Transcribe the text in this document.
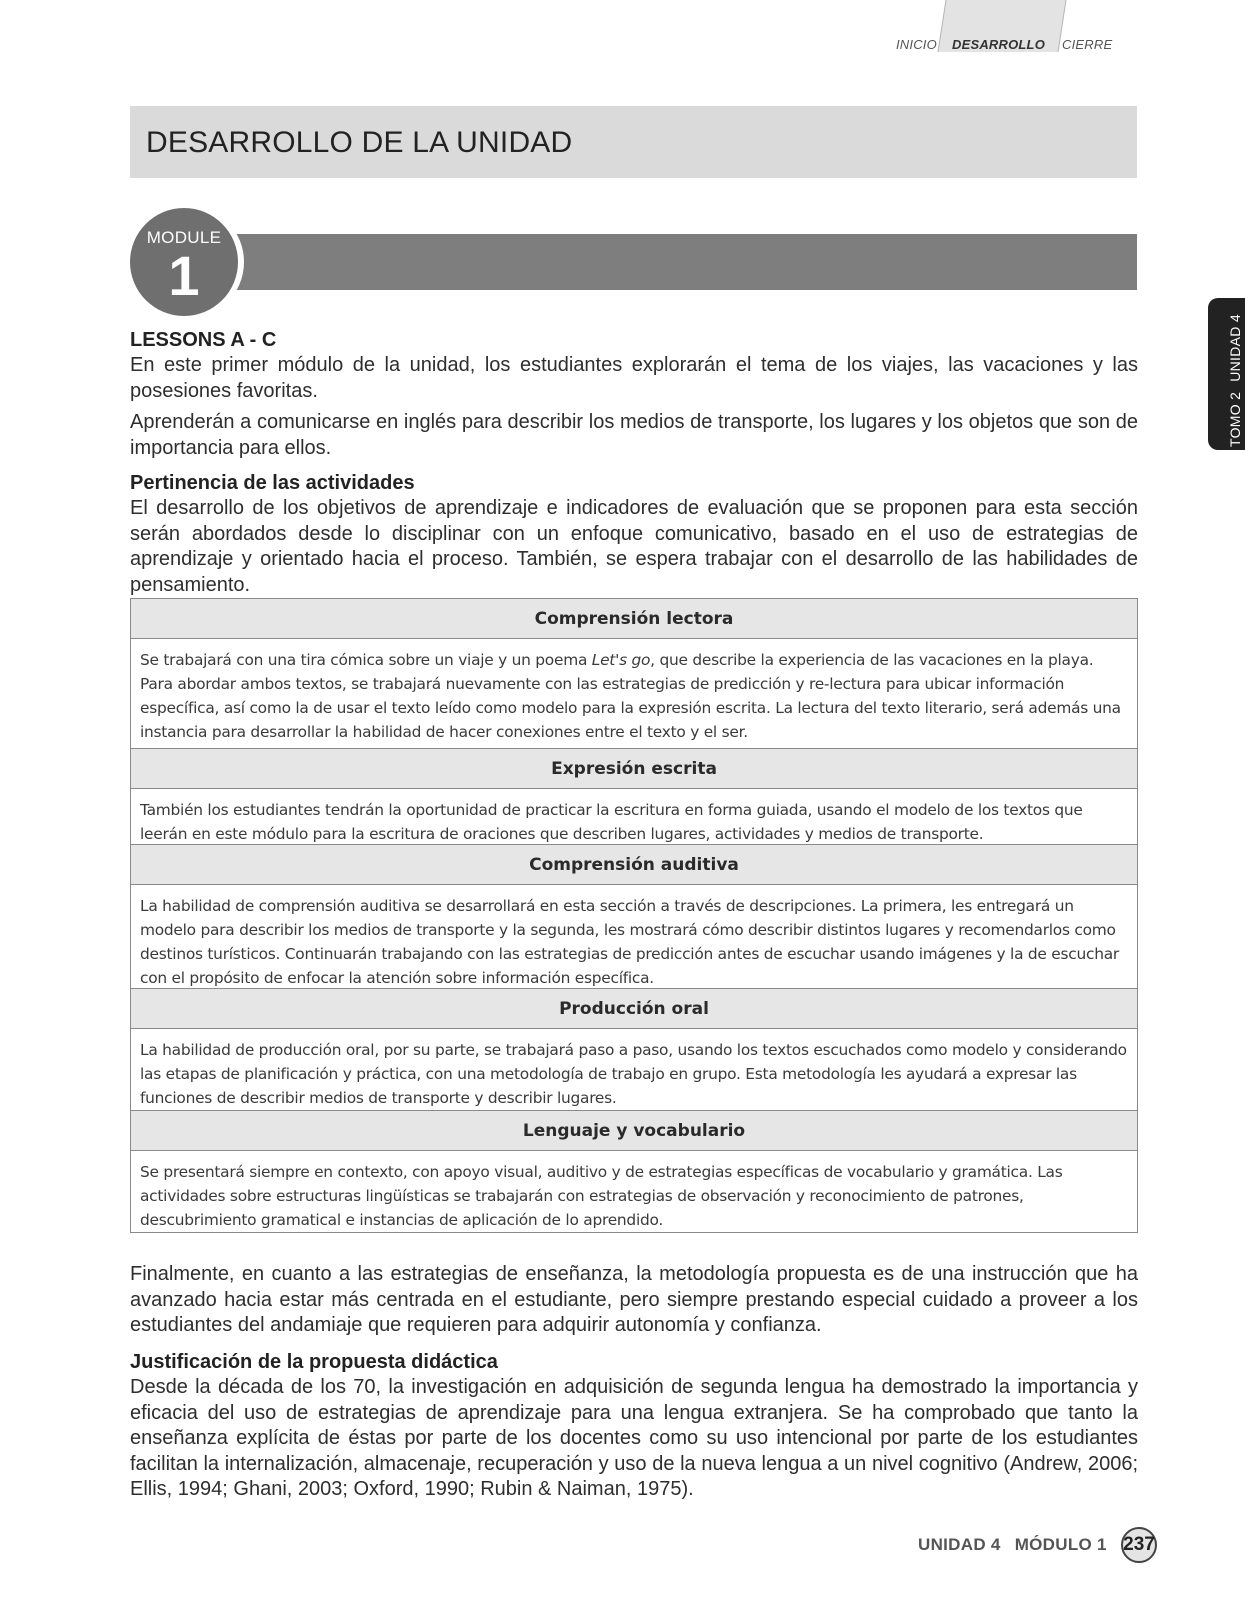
INICIO DESARROLLO CIERRE
TOMO 2UNIDAD 4
DESARROLLO DE LA UNIDAD
MODULE
1
LESSONS A - C

En este primer módulo de la unidad, los estudiantes explorarán el tema de los viajes, las vacaciones y las posesiones favoritas.

Aprenderán a comunicarse en inglés para describir los medios de transporte, los lugares y los objetos que son de importancia para ellos.

Pertinencia de las actividades

El desarrollo de los objetivos de aprendizaje e indicadores de evaluación que se proponen para esta sección serán abordados desde lo disciplinar con un enfoque comunicativo, basado en el uso de estrategias de aprendizaje y orientado hacia el proceso. También, se espera trabajar con el desarrollo de las habilidades de pensamiento.

Comprensión lectora
Se trabajará con una tira cómica sobre un viaje y un poema Let's go, que describe la experiencia de las vacaciones en la playa. Para abordar ambos textos, se trabajará nuevamente con las estrategias de predicción y re-lectura para ubicar información específica, así como la de usar el texto leído como modelo para la expresión escrita. La lectura del texto literario, será además una instancia para desarrollar la habilidad de hacer conexiones entre el texto y el ser.
Expresión escrita
También los estudiantes tendrán la oportunidad de practicar la escritura en forma guiada, usando el modelo de los textos que leerán en este módulo para la escritura de oraciones que describen lugares, actividades y medios de transporte.
Comprensión auditiva
La habilidad de comprensión auditiva se desarrollará en esta sección a través de descripciones. La primera, les entregará un modelo para describir los medios de transporte y la segunda, les mostrará cómo describir distintos lugares y recomendarlos como destinos turísticos. Continuarán trabajando con las estrategias de predicción antes de escuchar usando imágenes y la de escuchar con el propósito de enfocar la atención sobre información específica.
Producción oral
La habilidad de producción oral, por su parte, se trabajará paso a paso, usando los textos escuchados como modelo y considerando las etapas de planificación y práctica, con una metodología de trabajo en grupo. Esta metodología les ayudará a expresar las funciones de describir medios de transporte y describir lugares.
Lenguaje y vocabulario
Se presentará siempre en contexto, con apoyo visual, auditivo y de estrategias específicas de vocabulario y gramática. Las actividades sobre estructuras lingüísticas se trabajarán con estrategias de observación y reconocimiento de patrones, descubrimiento gramatical e instancias de aplicación de lo aprendido.

Finalmente, en cuanto a las estrategias de enseñanza, la metodología propuesta es de una instrucción que ha avanzado hacia estar más centrada en el estudiante, pero siempre prestando especial cuidado a proveer a los estudiantes del andamiaje que requieren para adquirir autonomía y confianza.

Justificación de la propuesta didáctica

Desde la década de los 70, la investigación en adquisición de segunda lengua ha demostrado la importancia y eficacia del uso de estrategias de aprendizaje para una lengua extranjera. Se ha comprobado que tanto la enseñanza explícita de éstas por parte de los docentes como su uso intencional por parte de los estudiantes facilitan la internalización, almacenaje, recuperación y uso de la nueva lengua a un nivel cognitivo (Andrew, 2006; Ellis, 1994; Ghani, 2003; Oxford, 1990; Rubin & Naiman, 1975).

UNIDAD 4 MÓDULO 1 237
